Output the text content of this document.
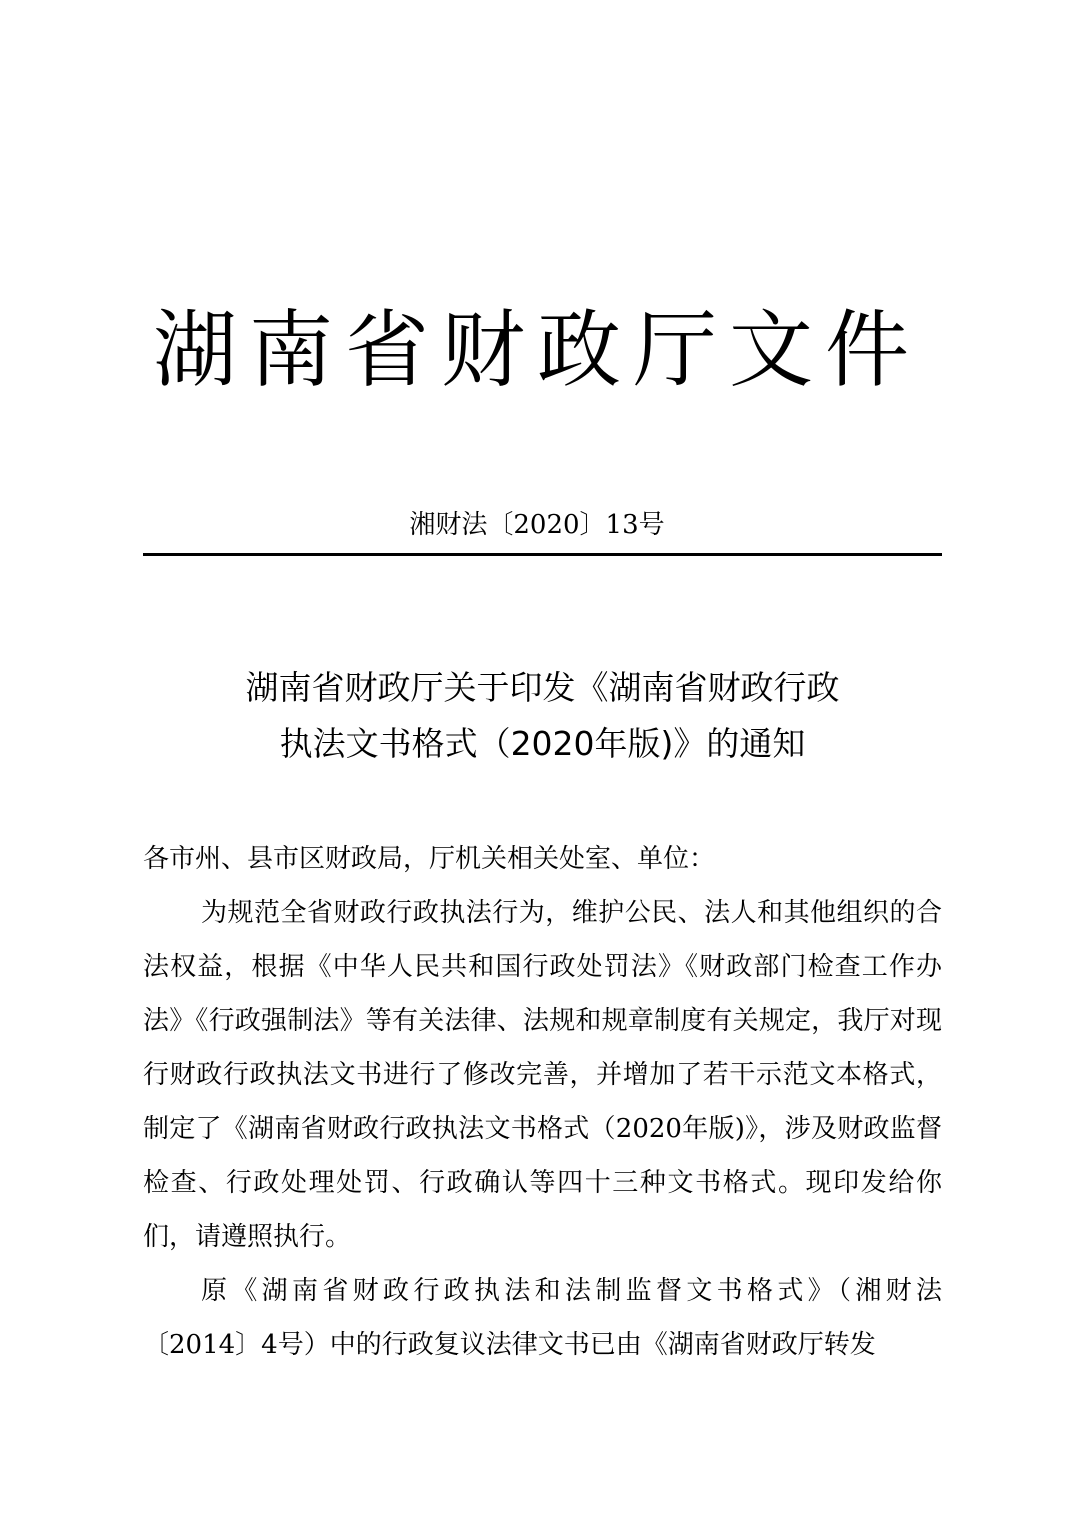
湖南省财政厅文件
湘财法〔2020〕13号
湖南省财政厅关于印发《湖南省财政行政
执法文书格式（2020年版)》的通知

各市州、县市区财政局，厅机关相关处室、单位：

为规范全省财政行政执法行为，维护公民、法人和其他组织的合法权益，根据《中华人民共和国行政处罚法》《财政部门检查工作办法》《行政强制法》等有关法律、法规和规章制度有关规定，我厅对现行财政行政执法文书进行了修改完善，并增加了若干示范文本格式，制定了《湖南省财政行政执法文书格式（2020年版)》，涉及财政监督检查、行政处理处罚、行政确认等四十三种文书格式。现印发给你们，请遵照执行。

原《湖南省财政行政执法和法制监督文书格式》（湘财法〔2014〕4号）中的行政复议法律文书已由《湖南省财政厅转发
